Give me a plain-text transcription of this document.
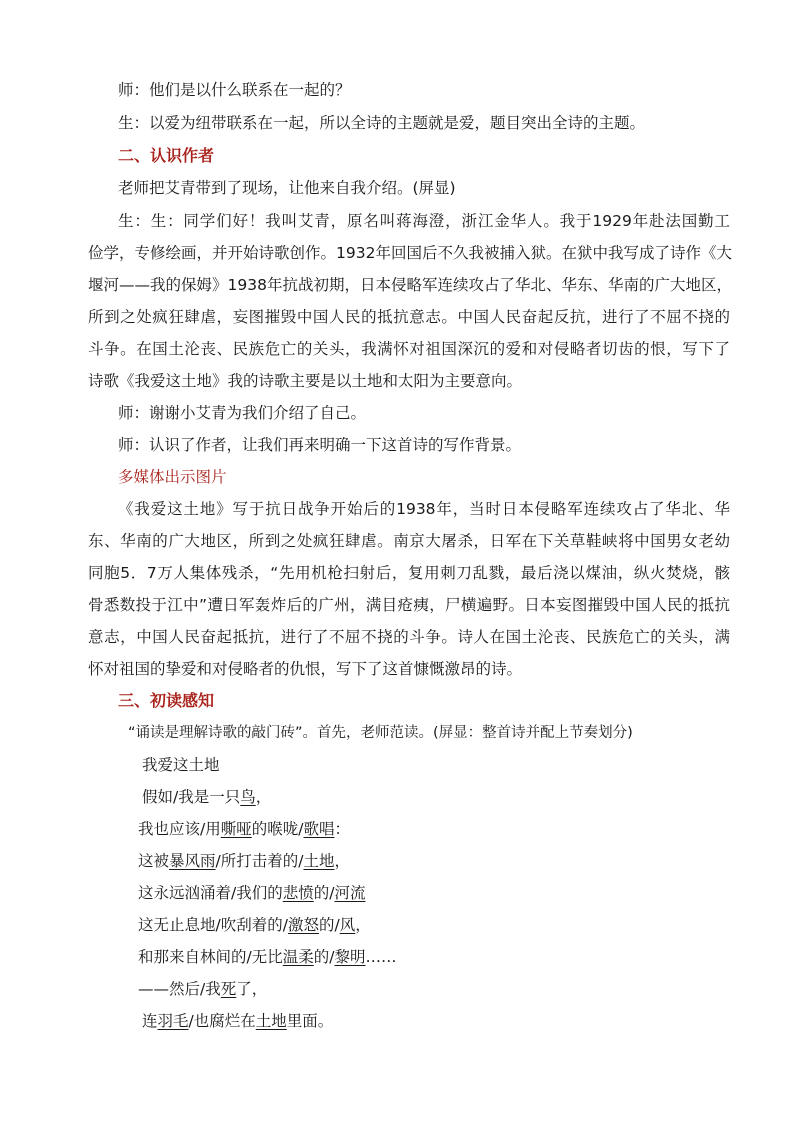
师：他们是以什么联系在一起的？
生：以爱为纽带联系在一起，所以全诗的主题就是爱，题目突出全诗的主题。
二、认识作者
老师把艾青带到了现场，让他来自我介绍。(屏显)
生：生：同学们好！我叫艾青，原名叫蒋海澄，浙江金华人。我于1929年赴法国勤工
俭学，专修绘画，并开始诗歌创作。1932年回国后不久我被捕入狱。在狱中我写成了诗作《大
堰河——我的保姆》1938年抗战初期，日本侵略军连续攻占了华北、华东、华南的广大地区，
所到之处疯狂肆虐，妄图摧毁中国人民的抵抗意志。中国人民奋起反抗，进行了不屈不挠的
斗争。在国土沦丧、民族危亡的关头，我满怀对祖国深沉的爱和对侵略者切齿的恨，写下了
诗歌《我爱这土地》我的诗歌主要是以土地和太阳为主要意向。
师：谢谢小艾青为我们介绍了自己。
师：认识了作者，让我们再来明确一下这首诗的写作背景。
多媒体出示图片
《我爱这土地》写于抗日战争开始后的1938年，当时日本侵略军连续攻占了华北、华
东、华南的广大地区，所到之处疯狂肆虐。南京大屠杀，日军在下关草鞋峡将中国男女老幼
同胞5．7万人集体残杀，“先用机枪扫射后，复用刺刀乱戮，最后浇以煤油，纵火焚烧，骸
骨悉数投于江中”遭日军轰炸后的广州，满目疮痍，尸横遍野。日本妄图摧毁中国人民的抵抗
意志，中国人民奋起抵抗，进行了不屈不挠的斗争。诗人在国土沦丧、民族危亡的关头，满
怀对祖国的挚爱和对侵略者的仇恨，写下了这首慷慨激昂的诗。
三、初读感知
“诵读是理解诗歌的敲门砖”。首先，老师范读。(屏显：整首诗并配上节奏划分)
我爱这土地
假如/我是一只鸟，
我也应该/用嘶哑的喉咙/歌唱：
这被暴风雨/所打击着的/土地，
这永远汹涌着/我们的悲愤的/河流
这无止息地/吹刮着的/激怒的/风，
和那来自林间的/无比温柔的/黎明……
——然后/我死了，
连羽毛/也腐烂在土地里面。
